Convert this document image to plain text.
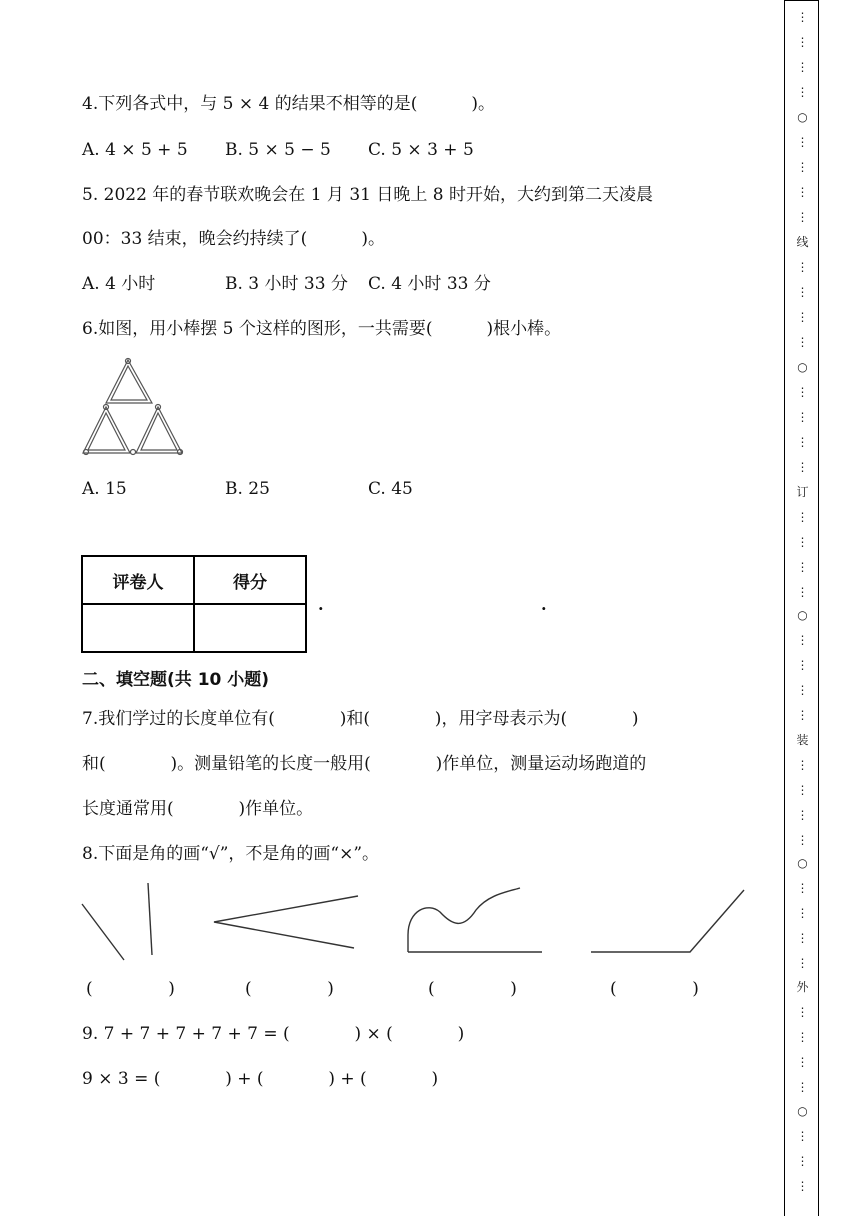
4.下列各式中，与 5 × 4 的结果不相等的是(          )。
A. 4 × 5 + 5 B. 5 × 5 − 5 C. 5 × 3 + 5
5. 2022 年的春节联欢晚会在 1 月 31 日晚上 8 时开始，大约到第二天凌晨
00：33 结束，晚会约持续了(          )。
A. 4 小时	B. 3 小时 33 分 C. 4 小时 33 分
6.如图，用小棒摆 5 个这样的图形，一共需要(          )根小棒。
A. 15	B. 25	C. 45
评卷人	得分

.	.
二、填空题(共 10 小题)
7.我们学过的长度单位有(            )和(            )，用字母表示为(            )
和(            )。测量铅笔的长度一般用(            )作单位，测量运动场跑道的
长度通常用(            )作单位。
8.下面是角的画“√”，不是角的画“×”。
(              )	(              )	(              )	(              )
9. 7 + 7 + 7 + 7 + 7 = (            ) × (            )
9 × 3 = (            ) + (            ) + (            )
⋮
⋮
⋮
⋮
○
⋮
⋮
⋮
⋮
线
⋮
⋮
⋮
⋮
○
⋮
⋮
⋮
⋮
订
⋮
⋮
⋮
⋮
○
⋮
⋮
⋮
⋮
装
⋮
⋮
⋮
⋮
○
⋮
⋮
⋮
⋮
外
⋮
⋮
⋮
⋮
○
⋮
⋮
⋮
